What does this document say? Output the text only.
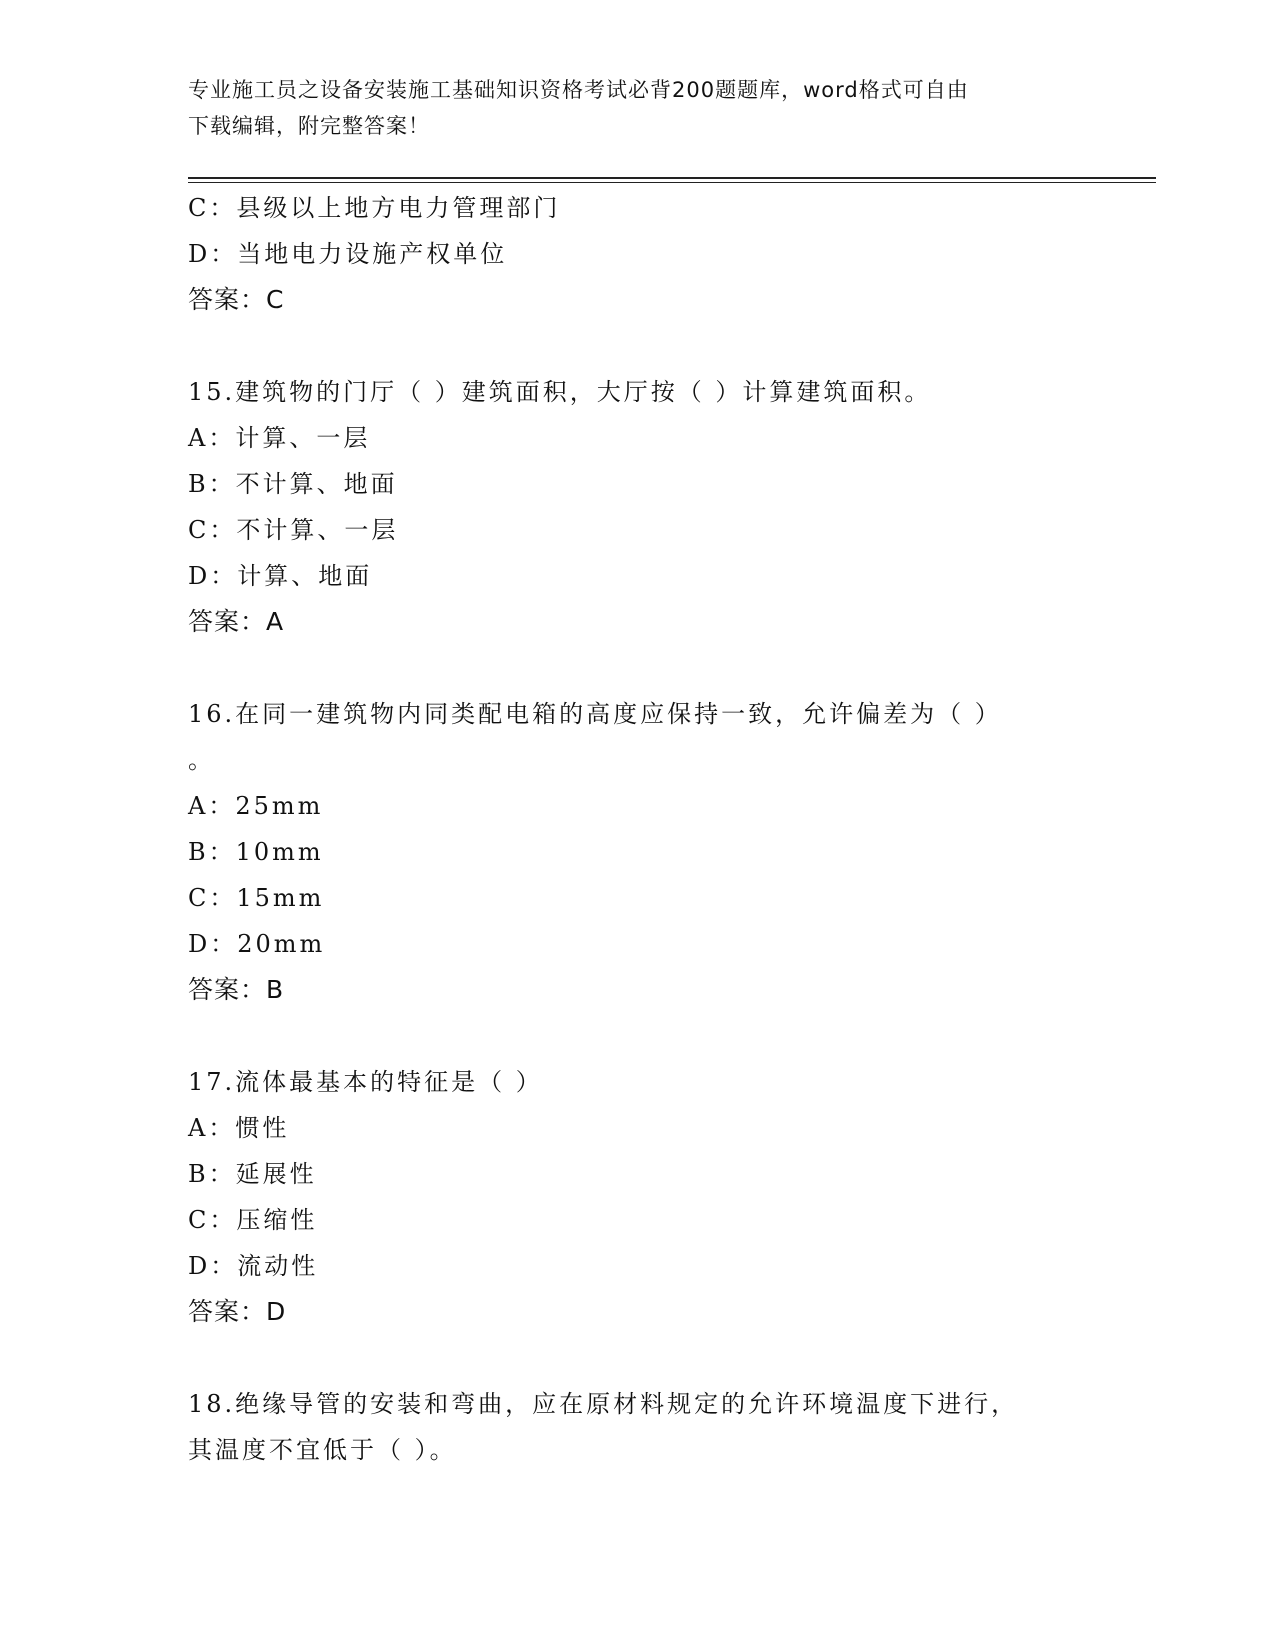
专业施工员之设备安装施工基础知识资格考试必背200题题库，word格式可自由
下载编辑，附完整答案！
C：县级以上地方电力管理部门
D：当地电力设施产权单位
答案：C
15.建筑物的门厅（ ）建筑面积，大厅按（ ）计算建筑面积。
A：计算、一层
B：不计算、地面
C：不计算、一层
D：计算、地面
答案：A
16.在同一建筑物内同类配电箱的高度应保持一致，允许偏差为（ ）
。
A：25mm
B：10mm
C：15mm
D：20mm
答案：B
17.流体最基本的特征是（ ）
A：惯性
B：延展性
C：压缩性
D：流动性
答案：D
18.绝缘导管的安装和弯曲，应在原材料规定的允许环境温度下进行，
其温度不宜低于（ ）。
